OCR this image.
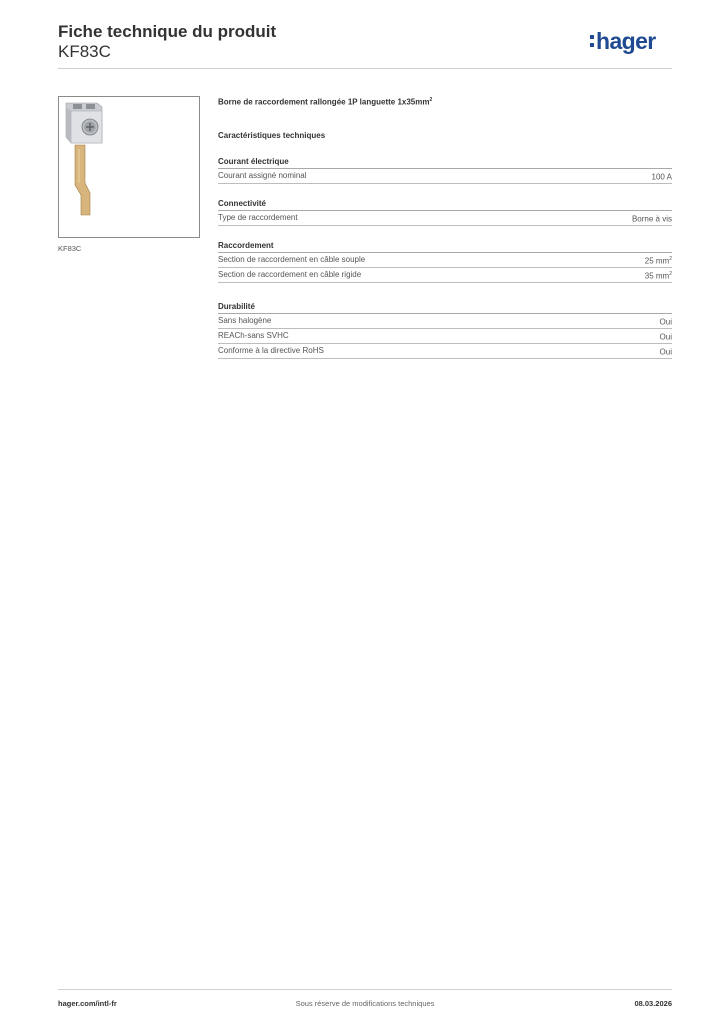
Fiche technique du produit
KF83C	hager
KF83C
Borne de raccordement rallongée 1P languette $1x35mm^2$
Caractéristiques techniques
Courant électrique
Courant assigné nominal	100 A
Connectivité
Type de raccordement	Borne à vis
Raccordement
Section de raccordement en câble souple	25 $mm^2$
Section de raccordement en câble rigide	35 $mm^2$
Durabilité
Sans halogène	Oui
REACh-sans SVHC	Oui
Conforme à la directive RoHS	Oui
hager.com/intl-fr	Sous réserve de modifications techniques	08.03.2026
